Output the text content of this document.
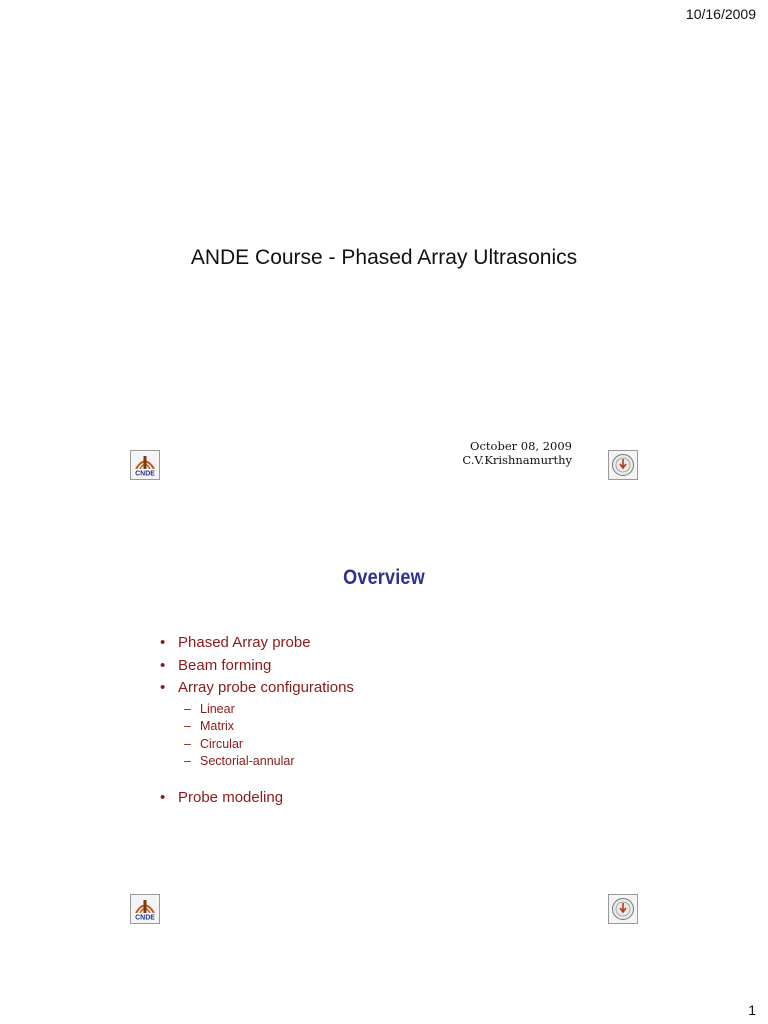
10/16/2009
ANDE Course - Phased Array Ultrasonics
October 08, 2009
C.V.Krishnamurthy
CNDE
Overview
• Phased Array probe
• Beam forming
• Array probe configurations
– Linear
– Matrix
– Circular
– Sectorial-annular
• Probe modeling
CNDE
1
